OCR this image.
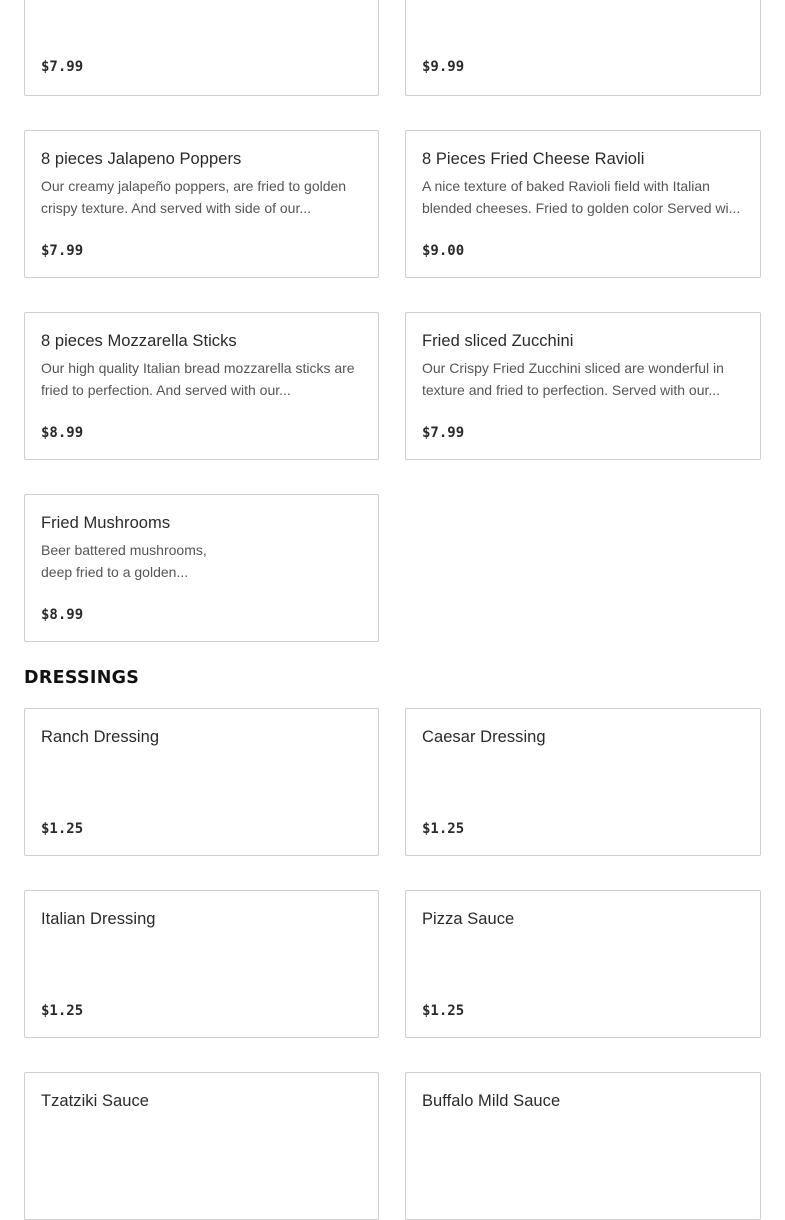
$7.99	$9.99
8 pieces Jalapeno Poppers
Our creamy jalapeño poppers, are fried to golden crispy texture. And served with side of our...
$7.99
8 Pieces Fried Cheese Ravioli
A nice texture of baked Ravioli field with Italian blended cheeses. Fried to golden color Served wi...
$9.00
8 pieces Mozzarella Sticks
Our high quality Italian bread mozzarella sticks are fried to perfection. And served with our...
$8.99
Fried sliced Zucchini
Our Crispy Fried Zucchini sliced are wonderful in texture and fried to perfection. Served with our...
$7.99
Fried Mushrooms
Beer battered mushrooms,
deep fried to a golden...
$8.99
DRESSINGS
Ranch Dressing
$1.25
Caesar Dressing
$1.25
Italian Dressing
$1.25
Pizza Sauce
$1.25
Tzatziki Sauce	Buffalo Mild Sauce
